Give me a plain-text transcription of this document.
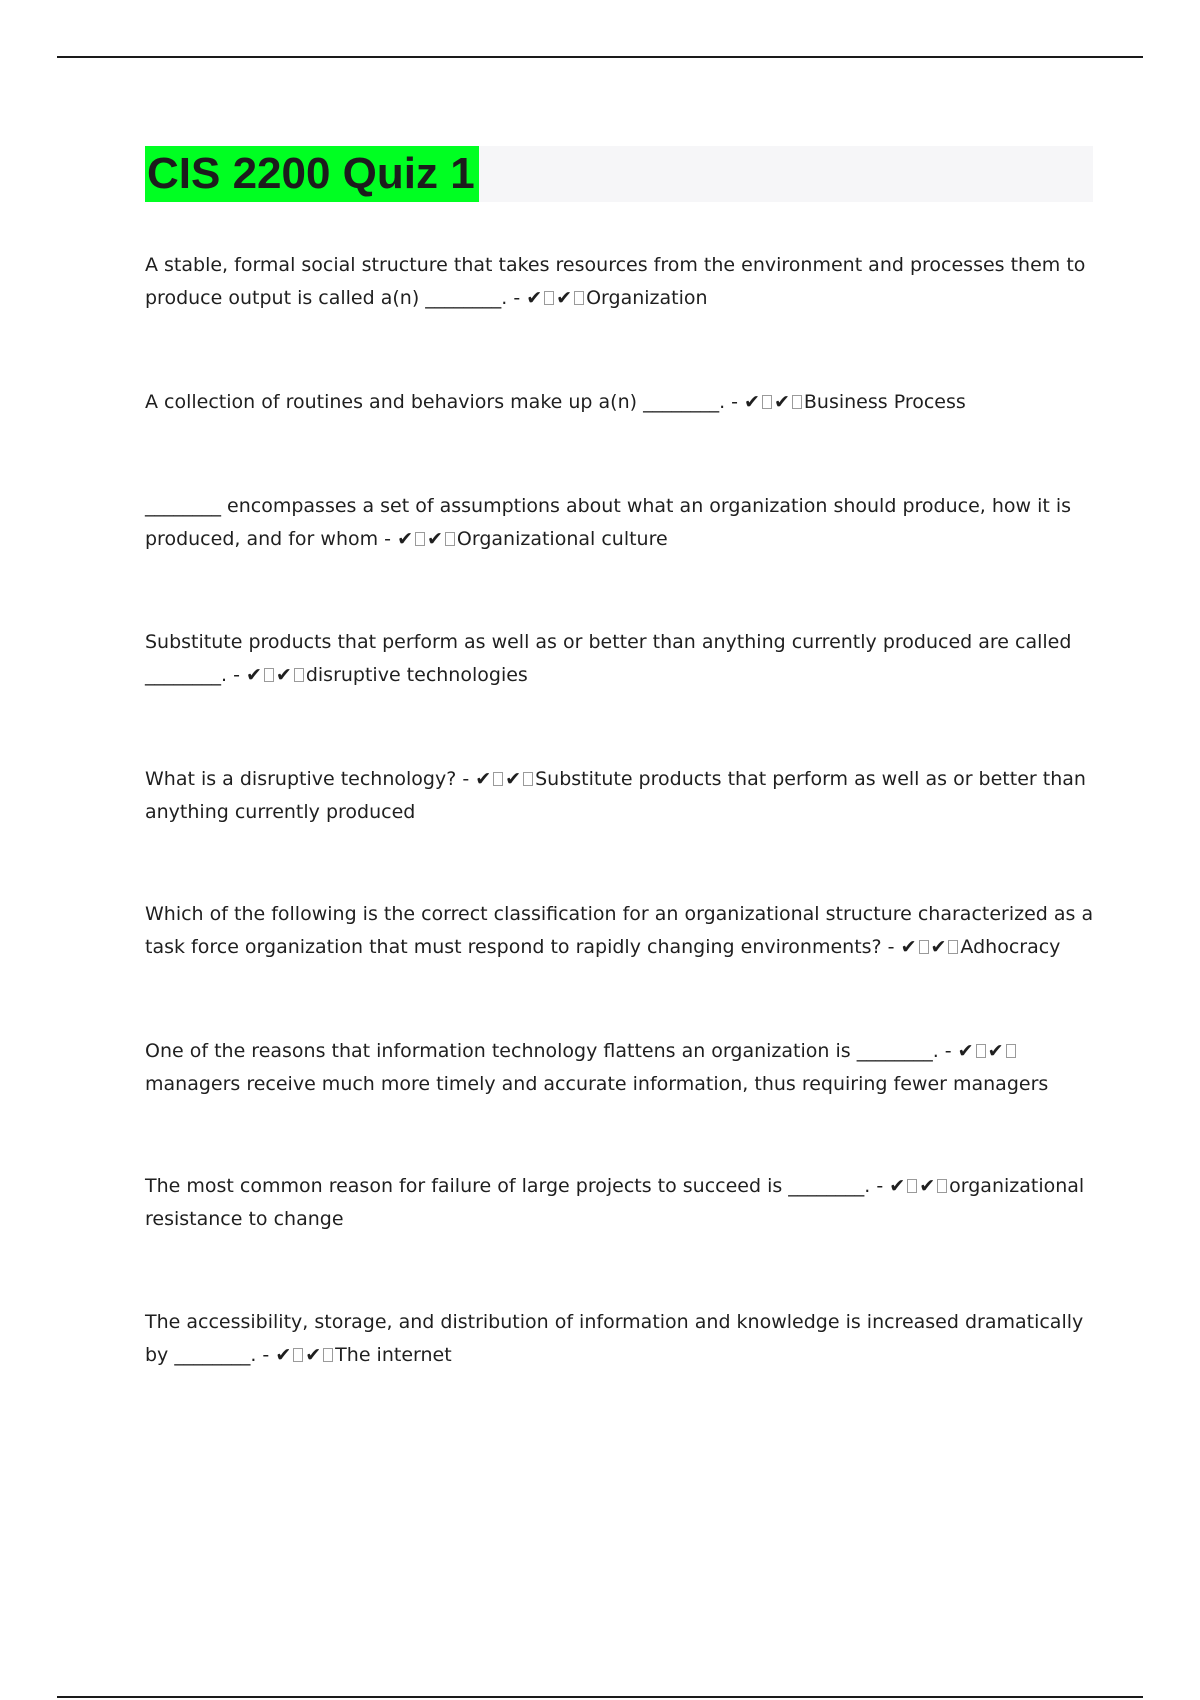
CIS 2200 Quiz 1

A stable, formal social structure that takes resources from the environment and processes them to produce output is called a(n) ________. - ✔ ✔ Organization

A collection of routines and behaviors make up a(n) ________. - ✔ ✔ Business Process

________ encompasses a set of assumptions about what an organization should produce, how it is produced, and for whom - ✔ ✔ Organizational culture

Substitute products that perform as well as or better than anything currently produced are called ________. - ✔ ✔ disruptive technologies

What is a disruptive technology? - ✔ ✔ Substitute products that perform as well as or better than anything currently produced

Which of the following is the correct classification for an organizational structure characterized as a task force organization that must respond to rapidly changing environments? - ✔ ✔ Adhocracy

One of the reasons that information technology flattens an organization is ________. - ✔ ✔managers receive much more timely and accurate information, thus requiring fewer managers

The most common reason for failure of large projects to succeed is ________. - ✔ ✔ organizational resistance to change

The accessibility, storage, and distribution of information and knowledge is increased dramatically by ________. - ✔ ✔ The internet
